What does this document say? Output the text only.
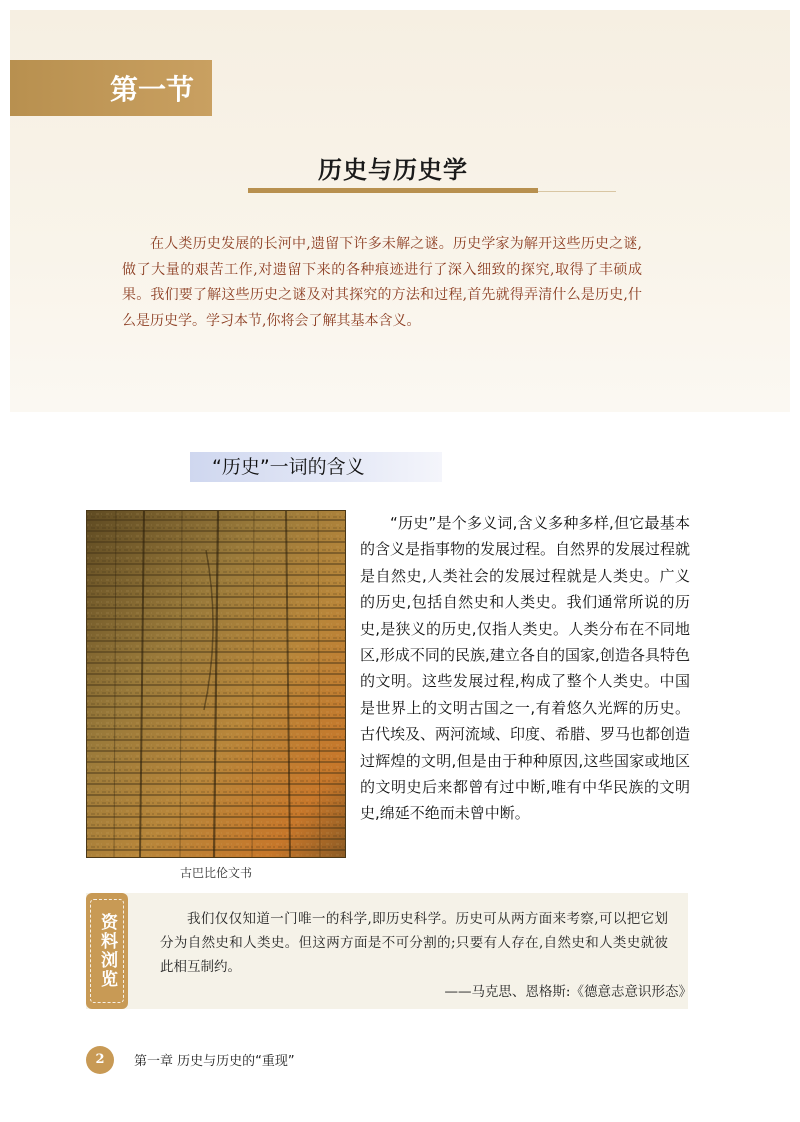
第一节
历史与历史学

在人类历史发展的长河中,遗留下许多未解之谜。历史学家为解开这些历史之谜,做了大量的艰苦工作,对遗留下来的各种痕迹进行了深入细致的探究,取得了丰硕成果。我们要了解这些历史之谜及对其探究的方法和过程,首先就得弄清什么是历史,什么是历史学。学习本节,你将会了解其基本含义。

“历史”一词的含义
古巴比伦文书

“历史”是个多义词,含义多种多样,但它最基本的含义是指事物的发展过程。自然界的发展过程就是自然史,人类社会的发展过程就是人类史。广义的历史,包括自然史和人类史。我们通常所说的历史,是狭义的历史,仅指人类史。人类分布在不同地区,形成不同的民族,建立各自的国家,创造各具特色的文明。这些发展过程,构成了整个人类史。中国是世界上的文明古国之一,有着悠久光辉的历史。古代埃及、两河流域、印度、希腊、罗马也都创造过辉煌的文明,但是由于种种原因,这些国家或地区的文明史后来都曾有过中断,唯有中华民族的文明史,绵延不绝而未曾中断。

资料浏览	我们仅仅知道一门唯一的科学,即历史科学。历史可从两方面来考察,可以把它划分为自然史和人类史。但这两方面是不可分割的;只要有人存在,自然史和人类史就彼此相互制约。

——马克思、恩格斯:《德意志意识形态》
2	第一章 历史与历史的“重现”
